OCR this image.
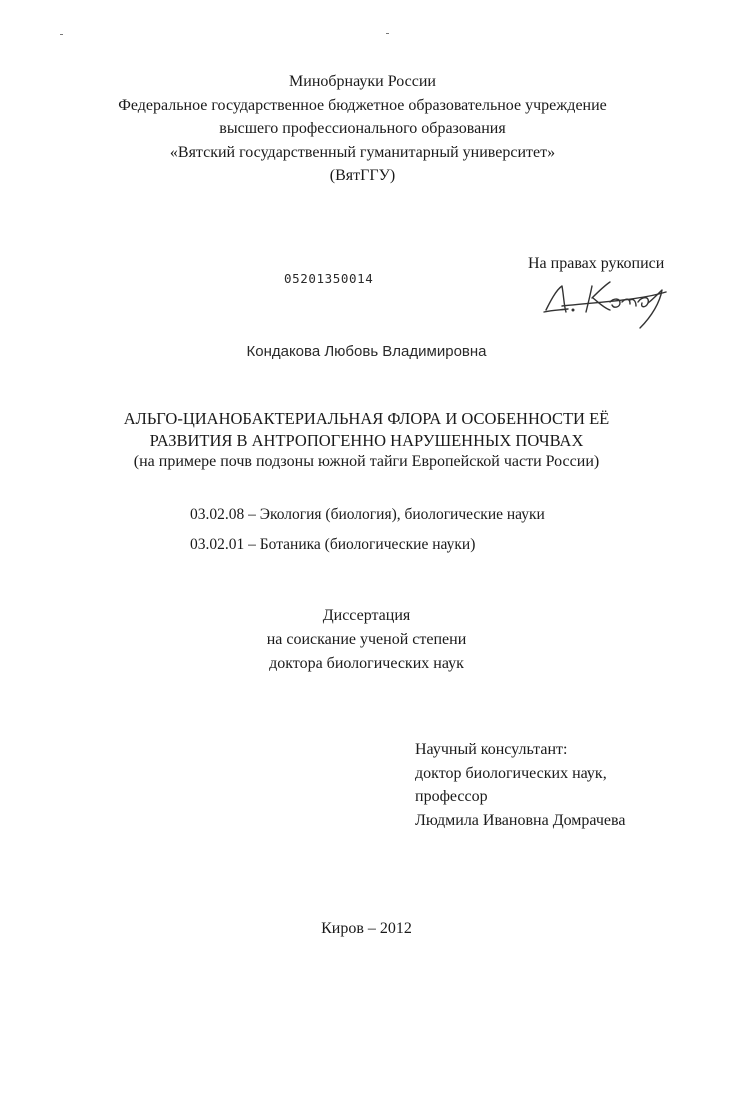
Минобрнауки России
Федеральное государственное бюджетное образовательное учреждение
высшего профессионального образования
«Вятский государственный гуманитарный университет»
(ВятГГУ)
На правах рукописи
05201350014
Кондакова Любовь Владимировна
АЛЬГО-ЦИАНОБАКТЕРИАЛЬНАЯ ФЛОРА И ОСОБЕННОСТИ ЕЁ
РАЗВИТИЯ В АНТРОПОГЕННО НАРУШЕННЫХ ПОЧВАХ
(на примере почв подзоны южной тайги Европейской части России)
03.02.08 – Экология (биология), биологические науки
03.02.01 – Ботаника (биологические науки)
Диссертация
на соискание ученой степени
доктора биологических наук
Научный консультант:
доктор биологических наук,
профессор
Людмила Ивановна Домрачева
Киров – 2012
